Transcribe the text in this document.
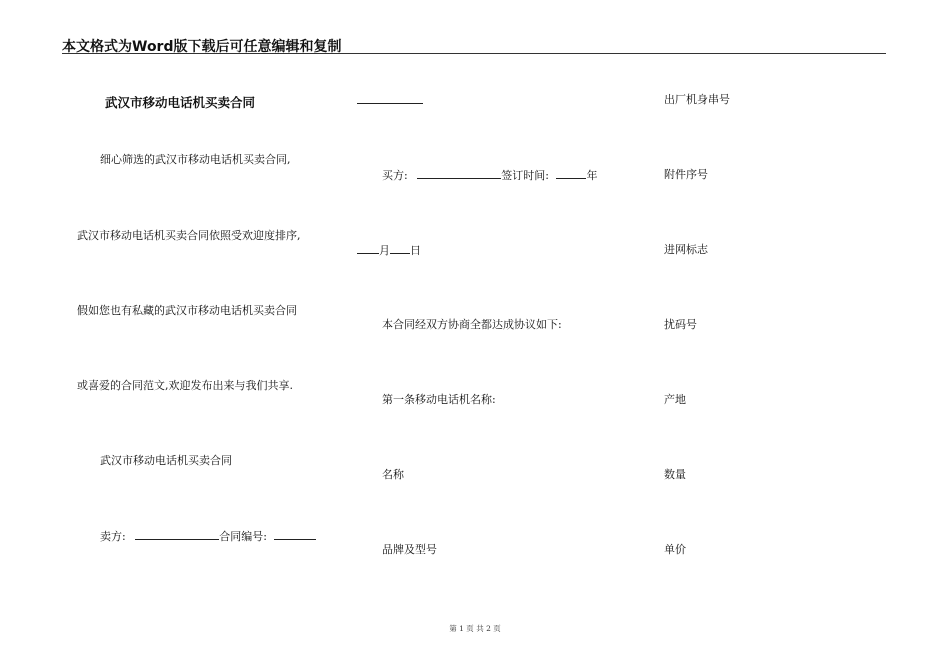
本文格式为Word版下载后可任意编辑和复制
武汉市移动电话机买卖合同
细心筛选的武汉市移动电话机买卖合同,
武汉市移动电话机买卖合同依照受欢迎度排序,
假如您也有私藏的武汉市移动电话机买卖合同
或喜爱的合同范文,欢迎发布出来与我们共享.
武汉市移动电话机买卖合同
卖方:	合同编号:
买方:	签订时间:	年
月 日
本合同经双方协商全都达成协议如下:
第一条移动电话机名称:
名称
品牌及型号
出厂机身串号
附件序号
进网标志
扰码号
产地
数量
单价
第 1 页 共 2 页
